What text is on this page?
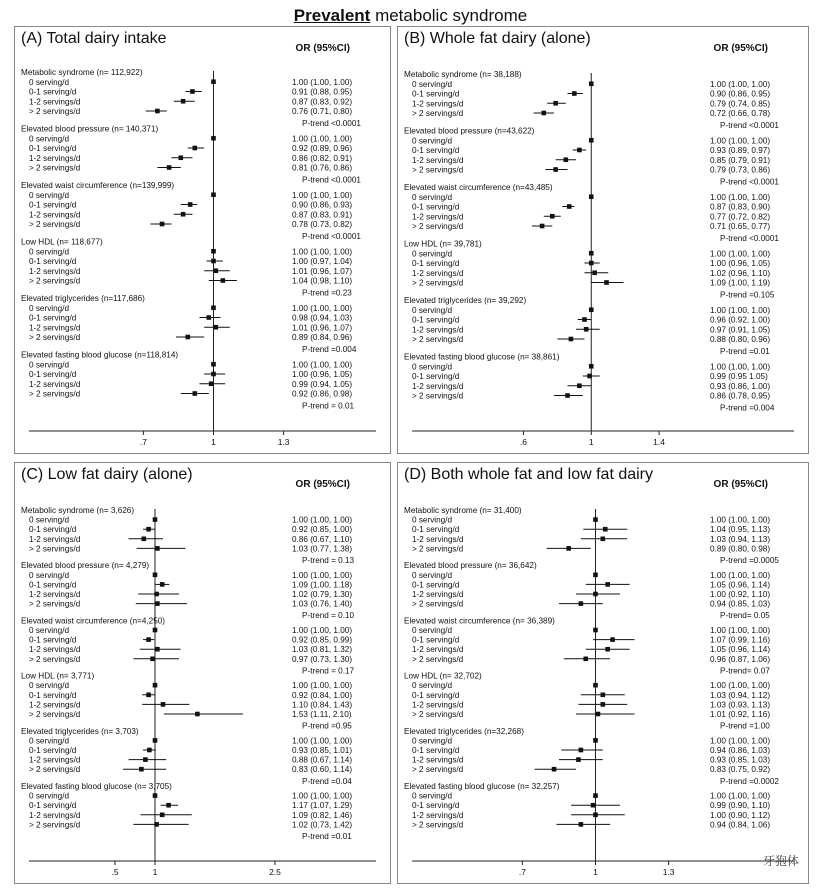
Prevalent metabolic syndrome
(A) Total dairy intake
OR (95%CI)
Metabolic syndrome (n= 112,922)
0 serving/d	1.00 (1.00, 1.00)
0-1 serving/d	0.91 (0.88, 0.95)
1-2 servings/d	0.87 (0.83, 0.92)
> 2 servings/d	0.76 (0.71, 0.80)
P-trend <0.0001
Elevated blood pressure (n= 140,371)
0 serving/d	1.00 (1.00, 1.00)
0-1 serving/d	0.92 (0.89, 0.96)
1-2 servings/d	0.86 (0.82, 0.91)
> 2 servings/d	0.81 (0.76, 0.86)
P-trend <0.0001
Elevated waist circumference (n=139,999)
0 serving/d	1.00 (1.00, 1.00)
0-1 serving/d	0.90 (0.86, 0.93)
1-2 servings/d	0.87 (0.83, 0.91)
> 2 servings/d	0.78 (0.73, 0.82)
P-trend <0.0001
Low HDL (n= 118,677)
0 serving/d	1.00 (1.00, 1.00)
0-1 serving/d	1.00 (0.97, 1.04)
1-2 servings/d	1.01 (0.96, 1.07)
> 2 servings/d	1.04 (0.98, 1.10)
P-trend =0.23
Elevated triglycerides (n=117,686)
0 serving/d	1.00 (1.00, 1.00)
0-1 serving/d	0.98 (0.94, 1.03)
1-2 servings/d	1.01 (0.96, 1.07)
> 2 servings/d	0.89 (0.84, 0.96)
P-trend =0.004
Elevated fasting blood glucose (n=118,814)
0 serving/d	1.00 (1.00, 1.00)
0-1 serving/d	1.00 (0.96, 1.05)
1-2 servings/d	0.99 (0.94, 1.05)
> 2 servings/d	0.92 (0.86, 0.98)
P-trend = 0.01
.7	1	1.3
(B) Whole fat dairy (alone)
OR (95%CI)
Metabolic syndrome (n= 38,188)
0 serving/d	1.00 (1.00, 1.00)
0-1 serving/d	0.90 (0.86, 0.95)
1-2 servings/d	0.79 (0.74, 0.85)
> 2 servings/d	0.72 (0.66, 0.78)
P-trend <0.0001
Elevated blood pressure (n=43,622)
0 serving/d	1.00 (1.00, 1.00)
0-1 serving/d	0.93 (0.89, 0.97)
1-2 servings/d	0.85 (0.79, 0.91)
> 2 servings/d	0.79 (0.73, 0.86)
P-trend <0.0001
Elevated waist circumference (n=43,485)
0 serving/d	1.00 (1.00, 1.00)
0-1 serving/d	0.87 (0.83, 0.90)
1-2 servings/d	0.77 (0.72, 0.82)
> 2 servings/d	0.71 (0.65, 0.77)
P-trend <0.0001
Low HDL (n= 39,781)
0 serving/d	1.00 (1.00, 1.00)
0-1 serving/d	1.00 (0.96, 1.05)
1-2 servings/d	1.02 (0.96, 1.10)
> 2 servings/d	1.09 (1.00, 1.19)
P-trend =0.105
Elevated triglycerides (n= 39,292)
0 serving/d	1.00 (1.00, 1.00)
0-1 serving/d	0.96 (0.92, 1.00)
1-2 servings/d	0.97 (0.91, 1.05)
> 2 servings/d	0.88 (0.80, 0.96)
P-trend =0.01
Elevated fasting blood glucose (n= 38,861)
0 serving/d	1.00 (1.00, 1.00)
0-1 serving/d	0.99 (0.95 1.05)
1-2 servings/d	0.93 (0.86, 1.00)
> 2 servings/d	0.86 (0.78, 0.95)
P-trend =0.004
.6	1	1.4
(C) Low fat dairy (alone)
OR (95%CI)
Metabolic syndrome (n= 3,626)
0 serving/d	1.00 (1.00, 1.00)
0-1 serving/d	0.92 (0.85, 1.00)
1-2 servings/d	0.86 (0.67, 1.10)
> 2 servings/d	1.03 (0.77, 1.38)
P-trend = 0.13
Elevated blood pressure (n= 4,279)
0 serving/d	1.00 (1.00, 1.00)
0-1 serving/d	1.09 (1.00, 1.18)
1-2 servings/d	1.02 (0.79, 1.30)
> 2 servings/d	1.03 (0.76, 1.40)
P-trend = 0.10
Elevated waist circumference (n=4,250)
0 serving/d	1.00 (1.00, 1.00)
0-1 serving/d	0.92 (0.85, 0.99)
1-2 servings/d	1.03 (0.81, 1.32)
> 2 servings/d	0.97 (0.73, 1.30)
P-trend = 0.17
Low HDL (n= 3,771)
0 serving/d	1.00 (1.00, 1.00)
0-1 serving/d	0.92 (0.84, 1.00)
1-2 servings/d	1.10 (0.84, 1.43)
> 2 servings/d	1.53 (1.11, 2.10)
P-trend =0.95
Elevated triglycerides (n= 3,703)
0 serving/d	1.00 (1.00, 1.00)
0-1 serving/d	0.93 (0.85, 1.01)
1-2 servings/d	0.88 (0.67, 1.14)
> 2 servings/d	0.83 (0.60, 1.14)
P-trend =0.04
Elevated fasting blood glucose (n= 3,705)
0 serving/d	1.00 (1.00, 1.00)
0-1 serving/d	1.17 (1.07, 1.29)
1-2 servings/d	1.09 (0.82, 1.46)
> 2 servings/d	1.02 (0.73, 1.42)
P-trend =0.01
.5	1	2.5
(D) Both whole fat and low fat dairy
OR (95%CI)
Metabolic syndrome (n= 31,400)
0 serving/d	1.00 (1.00, 1.00)
0-1 serving/d	1.04 (0.95, 1.13)
1-2 servings/d	1.03 (0.94, 1.13)
> 2 servings/d	0.89 (0.80, 0.98)
P-trend =0.0005
Elevated blood pressure (n= 36,642)
0 serving/d	1.00 (1.00, 1.00)
0-1 serving/d	1.05 (0.96, 1.14)
1-2 servings/d	1.00 (0.92, 1.10)
> 2 servings/d	0.94 (0.85, 1.03)
P-trend= 0.05
Elevated waist circumference (n= 36,389)
0 serving/d	1.00 (1.00, 1.00)
0-1 serving/d	1.07 (0.99, 1.16)
1-2 servings/d	1.05 (0.96, 1.14)
> 2 servings/d	0.96 (0.87, 1.06)
P-trend= 0.07
Low HDL (n= 32,702)
0 serving/d	1.00 (1.00, 1.00)
0-1 serving/d	1.03 (0.94, 1.12)
1-2 servings/d	1.03 (0.93, 1.13)
> 2 servings/d	1.01 (0.92, 1.16)
P-trend =1.00
Elevated triglycerides (n=32,268)
0 serving/d	1.00 (1.00, 1.00)
0-1 serving/d	0.94 (0.86, 1.03)
1-2 servings/d	0.93 (0.85, 1.03)
> 2 servings/d	0.83 (0.75, 0.92)
P-trend =0.0002
Elevated fasting blood glucose (n= 32,257)
0 serving/d	1.00 (1.00, 1.00)
0-1 serving/d	0.99 (0.90, 1.10)
1-2 servings/d	1.00 (0.90, 1.12)
> 2 servings/d	0.94 (0.84, 1.06)
.7	1	1.3
牙狍体
